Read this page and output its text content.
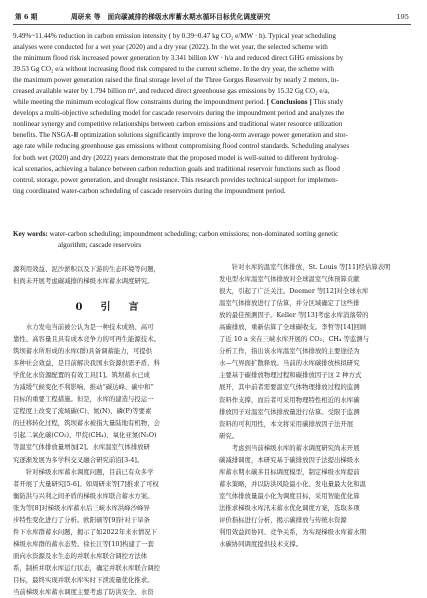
第 6 期	周研来 等　面向碳减排的梯级水库蓄水期水循环目标优化调度研究	195
9.49%~11.44% reduction in carbon emission intensity ( by 0.39~0.47 kg CO₂ e/MW · h). Typical year scheduling
analyses were conducted for a wet year (2020) and a dry year (2022). In the wet year, the selected scheme with
the minimum flood risk increased power generation by 3.341 billion kW · h/a and reduced direct GHG emissions by
39.53 Gg CO₂ e/a without increasing flood risk compared to the current scheme. In the dry year, the scheme with
the maximum power generation raised the final storage level of the Three Gorges Reservoir by nearly 2 meters, in-
creased available water by 1.794 billion m³, and reduced direct greenhouse gas emissions by 15.32 Gg CO₂ e/a,
while meeting the minimum ecological flow constraints during the impoundment period. [ Conclusions ] This study
develops a multi-objective scheduling model for cascade reservoirs during the impoundment period and analyzes the
nonlinear synergy and competitive relationships between carbon emissions and traditional water resource utilization
benefits. The NSGA-Ⅲ optimization solutions significantly improve the long-term average power generation and stor-
age rate while reducing greenhouse gas emissions without compromising flood control standards. Scheduling analyses
for both wet (2020) and dry (2022) years demonstrate that the proposed model is well-suited to different hydrolog-
ical scenarios, achieving a balance between carbon reduction goals and traditional reservoir functions such as flood
control, storage, power generation, and drought resistance. This research provides technical support for implemen-
ting coordinated water-carbon scheduling of cascade reservoirs during the impoundment period.
Key words: water-carbon scheduling; impoundment scheduling; carbon emissions; non-dominated sorting genetic
algorithm; cascade reservoirs
源利用效益、泥沙淤积以及下游的生态环境等问题，
但尚未开展考虑碳减排的梯级水库蓄水调度研究。
0　引　言
　　水力发电当前被公认为是一种技术成熟、高可
靠性、高容量且具有成本竞争力的可再生能源技术。
筑坝蓄水所形成的水库(群)具备调蓄能力，可提供
多种社会效益，是目前解决我国水资源供需矛盾、科
学优化水资源配置的有效工具[1]。筑坝蓄水已成
为减缓气候变化不利影响、推动“碳达峰、碳中和”
目标的重要工程措施。但是，水库的建造与投运一
定程度上改变了流域碳(C)、氮(N)、磷(P)等要素
的迁移转化过程，筑坝蓄水被指大量陆地有机物，会
引起二氧化碳(CO₂)、甲烷(CH₄)、氧化亚氮(N₂O)
等温室气体排放量增加[2]。水库温室气体排放研
究逐渐发展为多学科交叉融合研究前沿[3-4]。
　　针对梯级水库蓄水调度问题，目前已有众多学
者开展了大量研究[5-6]。如周研来等[7]推求了可权
衡防洪与兴利之间矛盾的梯级水库联合蓄水方案。
张为等[8]对梯级水库蓄水后三峡水库洪峰沙峰异
步特性变化进行了分析。欧阳硕等[9]针对干旱条
件下水库群蓄水问题，揭示了如2022年来水情况下
梯级水库群的蓄水态势。徐长江等[10]构建了一套
面向水资源及水生态的并联水库联合调控方法体
系，制析并联水库运行状态，确定并联水库联合调控
目标，最终实现并联水库实时下泄流量优化推求。
当前梯级水库蓄水调度主要考虑了防洪安全、水资
　　针对水库的温室气体排放，St. Louis 等[11]经估算表明
发电型水库温室气体排放对全球温室气体预算贡献
很大，引起了广泛关注。Deemer 等[12]对全球水库
温室气体排放进行了估算，并分区域确定了这些排
放的最佳预测因子。Keller 等[13]考虑水库消落带的
高碳排放，重新估算了全球碳收支。李哲等[14]回顾
了近 10 a 来在三峡水库开展的 CO₂、CH₄ 等监测与
分析工作，指出该水库温室气体排放的主要途径为
水—气界面扩散释放。当前的水库碳排放核拟研究
主要基于碳排放物理过程和碳排放因子这 2 种方式
展开，其中前者需要温室气体物理排放过程的监测
资料作支撑，而后者可采用物理特性相近的水库碳
排放因子对温室气体排放量进行估算。受限于监测
资料的可利用性，本文将采用碳排放因子法开展
研究。
　　考虑到当前梯级水库的蓄水调度研究尚未开展
碳减排调度，本研究基于碳排放因子法提出梯级水
库蓄水期水碳多目标调度模型，制定梯级水库提前
蓄水策略，并以防洪风险最小化、发电量最大化和温
室气体排放量最小化为调度目标，采用智能优化算
法推求梯级水库汛末蓄水优化调度方案，选取多项
评价指标进行分析，揭示碳排放与传统水资源
利用效益间协同、竞争关系，为实现梯级水库蓄水期
水碳协同调度提供技术支撑。
